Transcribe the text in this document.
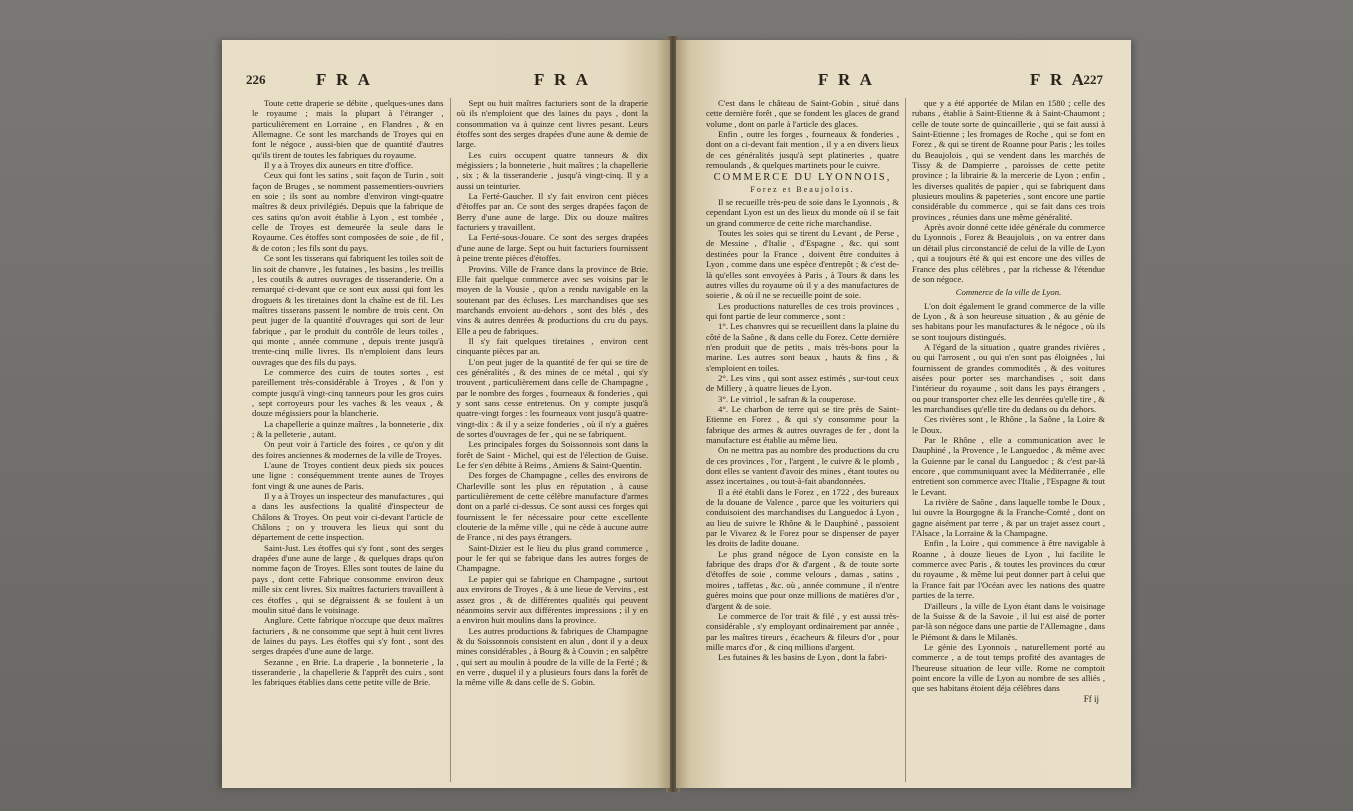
226	F R A	F R A

Toute cette draperie se débite , quelques-unes dans le royaume ; mais la plupart à l'étranger , particulièrement en Lorraine , en Flandres , & en Allemagne. Ce sont les marchands de Troyes qui en font le négoce , aussi-bien que de quantité d'autres qu'ils tirent de toutes les fabriques du royaume.

Il y a à Troyes dix auneurs en titre d'office.

Ceux qui font les satins , soit façon de Turin , soit façon de Bruges , se nomment passementiers-ouvriers en soie ; ils sont au nombre d'environ vingt-quatre maîtres & deux privilégiés. Depuis que la fabrique de ces satins qu'on avoit établie à Lyon , est tombée , celle de Troyes est demeurée la seule dans le Royaume. Ces étoffes sont composées de soie , de fil , & de coton ; les fils sont du pays.

Ce sont les tisserans qui fabriquent les toiles soit de lin soit de chanvre , les futaines , les basins , les treillis , les coutils & autres ouvrages de tisseranderie. On a remarqué ci-devant que ce sont eux aussi qui font les droguets & les tiretaines dont la chaîne est de fil. Les maîtres tisserans passent le nombre de trois cent. On peut juger de la quantité d'ouvrages qui sort de leur fabrique , par le produit du contrôle de leurs toiles , qui monte , année commune , depuis trente jusqu'à trente-cinq mille livres. Ils n'emploient dans leurs ouvrages que des fils du pays.

Le commerce des cuirs de toutes sortes , est pareillement très-considérable à Troyes , & l'on y compte jusqu'à vingt-cinq tanneurs pour les gros cuirs , sept corroyeurs pour les vaches & les veaux , & douze mégissiers pour la blancherie.

La chapellerie a quinze maîtres , la bonneterie , dix ; & la pelleterie , autant.

On peut voir à l'article des foires , ce qu'on y dit des foires anciennes & modernes de la ville de Troyes.

L'aune de Troyes contient deux pieds six pouces une ligne : conséquemment trente aunes de Troyes font vingt & une aunes de Paris.

Il y a à Troyes un inspecteur des manufactures , qui a dans les ausfections la qualité d'inspecteur de Châlons & Troyes. On peut voir ci-devant l'article de Châlons ; on y trouvera les lieux qui sont du département de cette inspection.

Saint-Just. Les étoffes qui s'y font , sont des serges drapées d'une aune de large , & quelques draps qu'on nomme façon de Troyes. Elles sont toutes de laine du pays , dont cette Fabrique consomme environ deux mille six cent livres. Six maîtres facturiers travaillent à ces étoffes , qui se dégraissent & se foulent à un moulin situé dans le voisinage.

Anglure. Cette fabrique n'occupe que deux maîtres facturiers , & ne consomme que sept à huit cent livres de laines du pays. Les étoffes qui s'y font , sont des serges drapées d'une aune de large.

Sezanne , en Brie. La draperie , la bonneterie , la tisseranderie , la chapellerie & l'apprêt des cuirs , sont les fabriques établies dans cette petite ville de Brie.

Sept ou huit maîtres facturiers sont de la draperie où ils n'emploient que des laines du pays , dont la consommation va à quinze cent livres pesant. Leurs étoffes sont des serges drapées d'une aune & demie de large.

Les cuirs occupent quatre tanneurs & dix mégissiers ; la bonneterie , huit maîtres ; la chapellerie , six ; & la tisseranderie , jusqu'à vingt-cinq. Il y a aussi un teinturier.

La Ferté-Gaucher. Il s'y fait environ cent pièces d'étoffes par an. Ce sont des serges drapées façon de Berry d'une aune de large. Dix ou douze maîtres facturiers y travaillent.

La Ferté-sous-Jouare. Ce sont des serges drapées d'une aune de large. Sept ou huit facturiers fournissent à peine trente pièces d'étoffes.

Provins. Ville de France dans la province de Brie. Elle fait quelque commerce avec ses voisins par le moyen de la Vousie , qu'on a rendu navigable en la soutenant par des écluses. Les marchandises que ses marchands envoient au-dehors , sont des blés , des vins & autres denrées & productions du cru du pays. Elle a peu de fabriques.

Il s'y fait quelques tiretaines , environ cent cinquante pièces par an.

L'on peut juger de la quantité de fer qui se tire de ces généralités , & des mines de ce métal , qui s'y trouvent , particulièrement dans celle de Champagne , par le nombre des forges , fourneaux & fonderies , qui y sont sans cesse entretenus. On y compte jusqu'à quatre-vingt forges : les fourneaux vont jusqu'à quatre-vingt-dix : & il y a seize fonderies , où il n'y a guères de sortes d'ouvrages de fer , qui ne se fabriquent.

Les principales forges du Soissonnois sont dans la forêt de Saint - Michel, qui est de l'élection de Guise. Le fer s'en débite à Reims , Amiens & Saint-Quentin.

Des forges de Champagne , celles des environs de Charleville sont les plus en réputation , à cause particulièrement de cette célèbre manufacture d'armes dont on a parlé ci-dessus. Ce sont aussi ces forges qui fournissent le fer nécessaire pour cette excellente clouterie de la même ville , qui ne cède à aucune autre de France , ni des pays étrangers.

Saint-Dizier est le lieu du plus grand commerce , pour le fer qui se fabrique dans les autres forges de Champagne.

Le papier qui se fabrique en Champagne , surtout aux environs de Troyes , & à une lieue de Vervins , est assez gros , & de différentes qualités qui peuvent néanmoins servir aux différentes impressions ; il y en a environ huit moulins dans la province.

Les autres productions & fabriques de Champagne & du Soissonnois consistent en alun , dont il y a deux mines considérables , à Bourg & à Couvin ; en salpêtre , qui sert au moulin à poudre de la ville de la Ferté ; & en verre , duquel il y a plusieurs fours dans la forêt de la même ville & dans celle de S. Gobin.

F R A	F R A
227

C'est dans le château de Saint-Gobin , situé dans cette dernière forêt , que se fondent les glaces de grand volume , dont on parle à l'article des glaces.

Enfin , outre les forges , fourneaux & fonderies , dont on a ci-devant fait mention , il y a en divers lieux de ces généralités jusqu'à sept platineries , quatre remoulands , & quelques martinets pour le cuivre.

COMMERCE DU LYONNOIS,

Forez et Beaujolois.

Il se recueille très-peu de soie dans le Lyonnois , & cependant Lyon est un des lieux du monde où il se fait un grand commerce de cette riche marchandise.

Toutes les soies qui se tirent du Levant , de Perse , de Messine , d'Italie , d'Espagne , &c. qui sont destinées pour la France , doivent être conduites à Lyon , comme dans une espèce d'entrepôt ; & c'est de-là qu'elles sont envoyées à Paris , à Tours & dans les autres villes du royaume où il y a des manufactures de soierie , & où il ne se recueille point de soie.

Les productions naturelles de ces trois provinces , qui font partie de leur commerce , sont :

1°. Les chanvres qui se recueillent dans la plaine du côté de la Saône , & dans celle du Forez. Cette dernière n'en produit que de petits , mais très-bons pour la marine. Les autres sont beaux , hauts & fins , & s'emploient en toiles.

2°. Les vins , qui sont assez estimés , sur-tout ceux de Millery , à quatre lieues de Lyon.

3°. Le vitriol , le safran & la couperose.

4°. Le charbon de terre qui se tire près de Saint-Etienne en Forez , & qui s'y consomme pour la fabrique des armes & autres ouvrages de fer , dont la manufacture est établie au même lieu.

On ne mettra pas au nombre des productions du cru de ces provinces , l'or , l'argent , le cuivre & le plomb , dont elles se vantent d'avoir des mines , étant toutes ou assez incertaines , ou tout-à-fait abandonnées.

Il a été établi dans le Forez , en 1722 , des bureaux de la douane de Valence , parce que les voituriers qui conduisoient des marchandises du Languedoc à Lyon , au lieu de suivre le Rhône & le Dauphiné , passoient par le Vivarez & le Forez pour se dispenser de payer les droits de ladite douane.

Le plus grand négoce de Lyon consiste en la fabrique des draps d'or & d'argent , & de toute sorte d'étoffes de soie , comme velours , damas , satins , moires , taffetas , &c. où , année commune , il n'entre guères moins que pour onze millions de matières d'or , d'argent & de soie.

Le commerce de l'or trait & filé , y est aussi très-considérable , s'y employant ordinairement par année , par les maîtres tireurs , écacheurs & fileurs d'or , pour mille marcs d'or , & cinq millions d'argent.

Les futaines & les basins de Lyon , dont la fabri-

que y a été apportée de Milan en 1580 ; celle des rubans , établie à Saint-Etienne & à Saint-Chaumont ; celle de toute sorte de quincaillerie , qui se fait aussi à Saint-Etienne ; les fromages de Roche , qui se font en Forez , & qui se tirent de Roanne pour Paris ; les toiles du Beaujolois , qui se vendent dans les marchés de Tissy & de Dampierre , paroisses de cette petite province ; la librairie & la mercerie de Lyon ; enfin , les diverses qualités de papier , qui se fabriquent dans plusieurs moulins & papeteries , sont encore une partie considérable du commerce , qui se fait dans ces trois provinces , réunies dans une même généralité.

Après avoir donné cette idée générale du commerce du Lyonnois , Forez & Beaujolois , on va entrer dans un détail plus circonstancié de celui de la ville de Lyon , qui a toujours été & qui est encore une des villes de France des plus célèbres , par la richesse & l'étendue de son négoce.

Commerce de la ville de Lyon.

L'on doit également le grand commerce de la ville de Lyon , & à son heureuse situation , & au génie de ses habitans pour les manufactures & le négoce , où ils se sont toujours distingués.

A l'égard de la situation , quatre grandes rivières , ou qui l'arrosent , ou qui n'en sont pas éloignées , lui fournissent de grandes commodités , & des voitures aisées pour porter ses marchandises , soit dans l'intérieur du royaume , soit dans les pays étrangers , ou pour transporter chez elle les denrées qu'elle tire , & les marchandises qu'elle tire du dedans ou du dehors.

Ces rivières sont , le Rhône , la Saône , la Loire & le Doux.

Par le Rhône , elle a communication avec le Dauphiné , la Provence , le Languedoc , & même avec la Guienne par le canal du Languedoc ; & c'est par-là encore , que communiquant avec la Méditerranée , elle entretient son commerce avec l'Italie , l'Espagne & tout le Levant.

La rivière de Saône , dans laquelle tombe le Doux , lui ouvre la Bourgogne & la Franche-Comté , dont on gagne aisément par terre , & par un trajet assez court , l'Alsace , la Lorraine & la Champagne.

Enfin , la Loire , qui commence à être navigable à Roanne , à douze lieues de Lyon , lui facilite le commerce avec Paris , & toutes les provinces du cœur du royaume , & même lui peut donner part à celui que la France fait par l'Océan avec les nations des quatre parties de la terre.

D'ailleurs , la ville de Lyon étant dans le voisinage de la Suisse & de la Savoie , il lui est aisé de porter par-là son négoce dans une partie de l'Allemagne , dans le Piémont & dans le Milanès.

Le génie des Lyonnois , naturellement porté au commerce , a de tout temps profité des avantages de l'heureuse situation de leur ville. Rome ne comptoit point encore la ville de Lyon au nombre de ses alliés , que ses habitans étoient déja célèbres dans

Ff ij
